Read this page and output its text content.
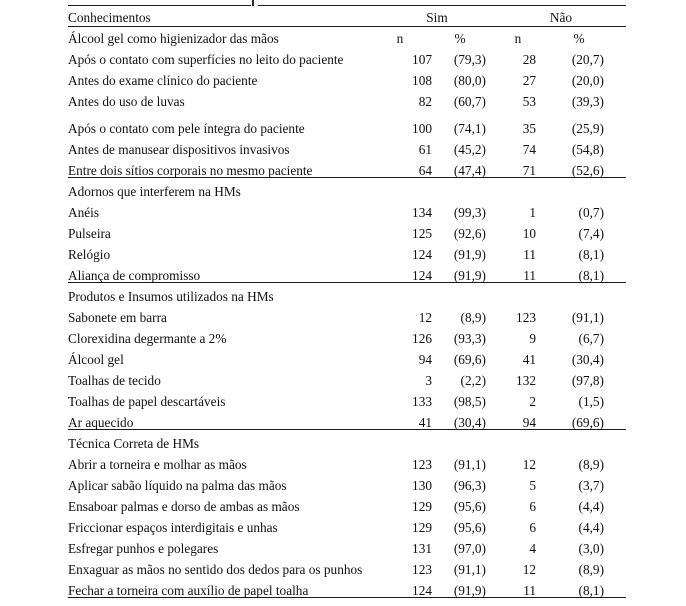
Conhecimentos	Sim		Não	
Álcool gel como higienizador das mãos	n	%	n	%
Após o contato com superfícies no leito do paciente	107	(79,3)	28	(20,7)
Antes do exame clínico do paciente	108	(80,0)	27	(20,0)
Antes do uso de luvas	82	(60,7)	53	(39,3)
Após o contato com pele íntegra do paciente	100	(74,1)	35	(25,9)
Antes de manusear dispositivos invasivos	61	(45,2)	74	(54,8)
Entre dois sítios corporais no mesmo paciente	64	(47,4)	71	(52,6)
Adornos que interferem na HMs				
Anéis	134	(99,3)	1	(0,7)
Pulseira	125	(92,6)	10	(7,4)
Relógio	124	(91,9)	11	(8,1)
Aliança de compromisso	124	(91,9)	11	(8,1)
Produtos e Insumos utilizados na HMs				
Sabonete em barra	12	(8,9)	123	(91,1)
Clorexidina degermante a 2%	126	(93,3)	9	(6,7)
Álcool gel	94	(69,6)	41	(30,4)
Toalhas de tecido	3	(2,2)	132	(97,8)
Toalhas de papel descartáveis	133	(98,5)	2	(1,5)
Ar aquecido	41	(30,4)	94	(69,6)
Técnica Correta de HMs				
Abrir a torneira e molhar as mãos	123	(91,1)	12	(8,9)
Aplicar sabão líquido na palma das mãos	130	(96,3)	5	(3,7)
Ensaboar palmas e dorso de ambas as mãos	129	(95,6)	6	(4,4)
Friccionar espaços interdigitais e unhas	129	(95,6)	6	(4,4)
Esfregar punhos e polegares	131	(97,0)	4	(3,0)
Enxaguar as mãos no sentido dos dedos para os punhos	123	(91,1)	12	(8,9)
Fechar a torneira com auxílio de papel toalha	124	(91,9)	11	(8,1)
